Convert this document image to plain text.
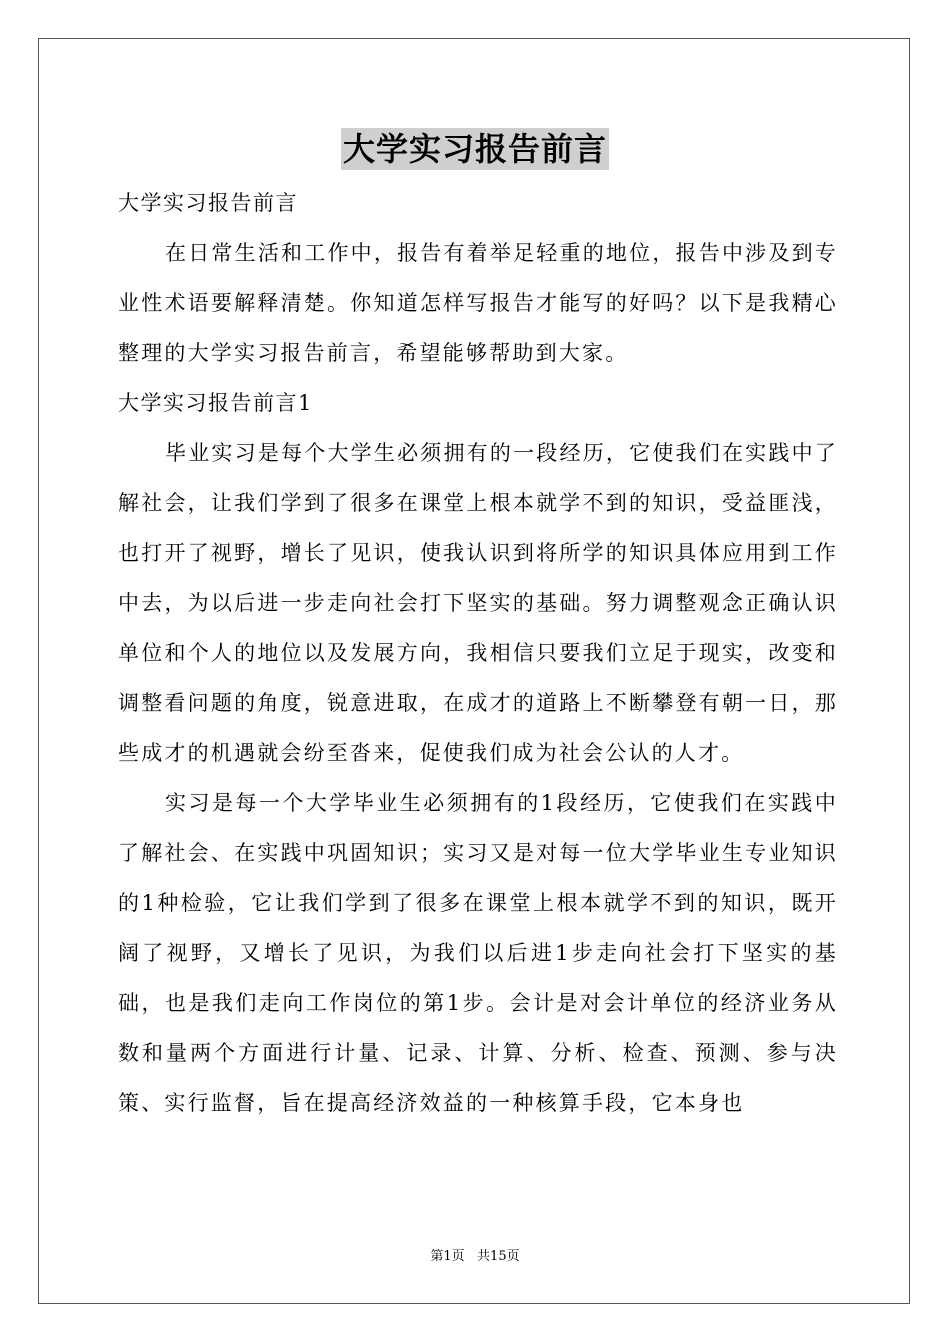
大学实习报告前言

大学实习报告前言

在日常生活和工作中，报告有着举足轻重的地位，报告中涉及到专业性术语要解释清楚。你知道怎样写报告才能写的好吗？以下是我精心整理的大学实习报告前言，希望能够帮助到大家。

大学实习报告前言1

毕业实习是每个大学生必须拥有的一段经历，它使我们在实践中了解社会，让我们学到了很多在课堂上根本就学不到的知识，受益匪浅，也打开了视野，增长了见识，使我认识到将所学的知识具体应用到工作中去，为以后进一步走向社会打下坚实的基础。努力调整观念正确认识单位和个人的地位以及发展方向，我相信只要我们立足于现实，改变和调整看问题的角度，锐意进取，在成才的道路上不断攀登有朝一日，那些成才的机遇就会纷至沓来，促使我们成为社会公认的人才。

实习是每一个大学毕业生必须拥有的1段经历，它使我们在实践中了解社会、在实践中巩固知识；实习又是对每一位大学毕业生专业知识的1种检验，它让我们学到了很多在课堂上根本就学不到的知识，既开阔了视野，又增长了见识，为我们以后进1步走向社会打下坚实的基础，也是我们走向工作岗位的第1步。会计是对会计单位的经济业务从数和量两个方面进行计量、记录、计算、分析、检查、预测、参与决策、实行监督，旨在提高经济效益的一种核算手段，它本身也

第1页   共15页
